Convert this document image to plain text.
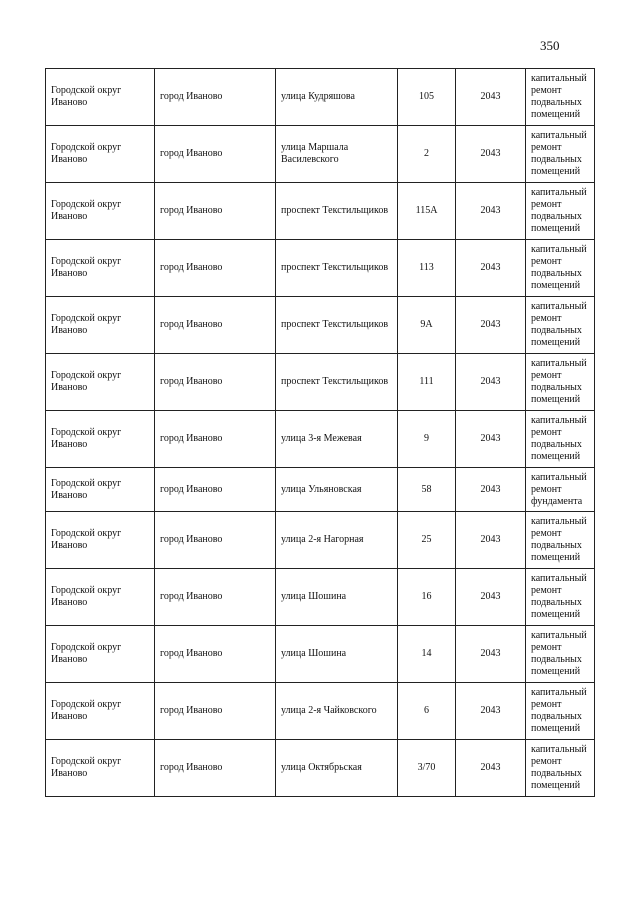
350
Городской округ Иваново	город Иваново	улица Кудряшова	105	2043	капитальный ремонт подвальных помещений
Городской округ Иваново	город Иваново	улица Маршала Василевского	2	2043	капитальный ремонт подвальных помещений
Городской округ Иваново	город Иваново	проспект Текстильщиков	115А	2043	капитальный ремонт подвальных помещений
Городской округ Иваново	город Иваново	проспект Текстильщиков	113	2043	капитальный ремонт подвальных помещений
Городской округ Иваново	город Иваново	проспект Текстильщиков	9А	2043	капитальный ремонт подвальных помещений
Городской округ Иваново	город Иваново	проспект Текстильщиков	111	2043	капитальный ремонт подвальных помещений
Городской округ Иваново	город Иваново	улица 3-я Межевая	9	2043	капитальный ремонт подвальных помещений
Городской округ Иваново	город Иваново	улица Ульяновская	58	2043	капитальный ремонт фундамента
Городской округ Иваново	город Иваново	улица 2-я Нагорная	25	2043	капитальный ремонт подвальных помещений
Городской округ Иваново	город Иваново	улица Шошина	16	2043	капитальный ремонт подвальных помещений
Городской округ Иваново	город Иваново	улица Шошина	14	2043	капитальный ремонт подвальных помещений
Городской округ Иваново	город Иваново	улица 2-я Чайковского	6	2043	капитальный ремонт подвальных помещений
Городской округ Иваново	город Иваново	улица Октябрьская	3/70	2043	капитальный ремонт подвальных помещений
